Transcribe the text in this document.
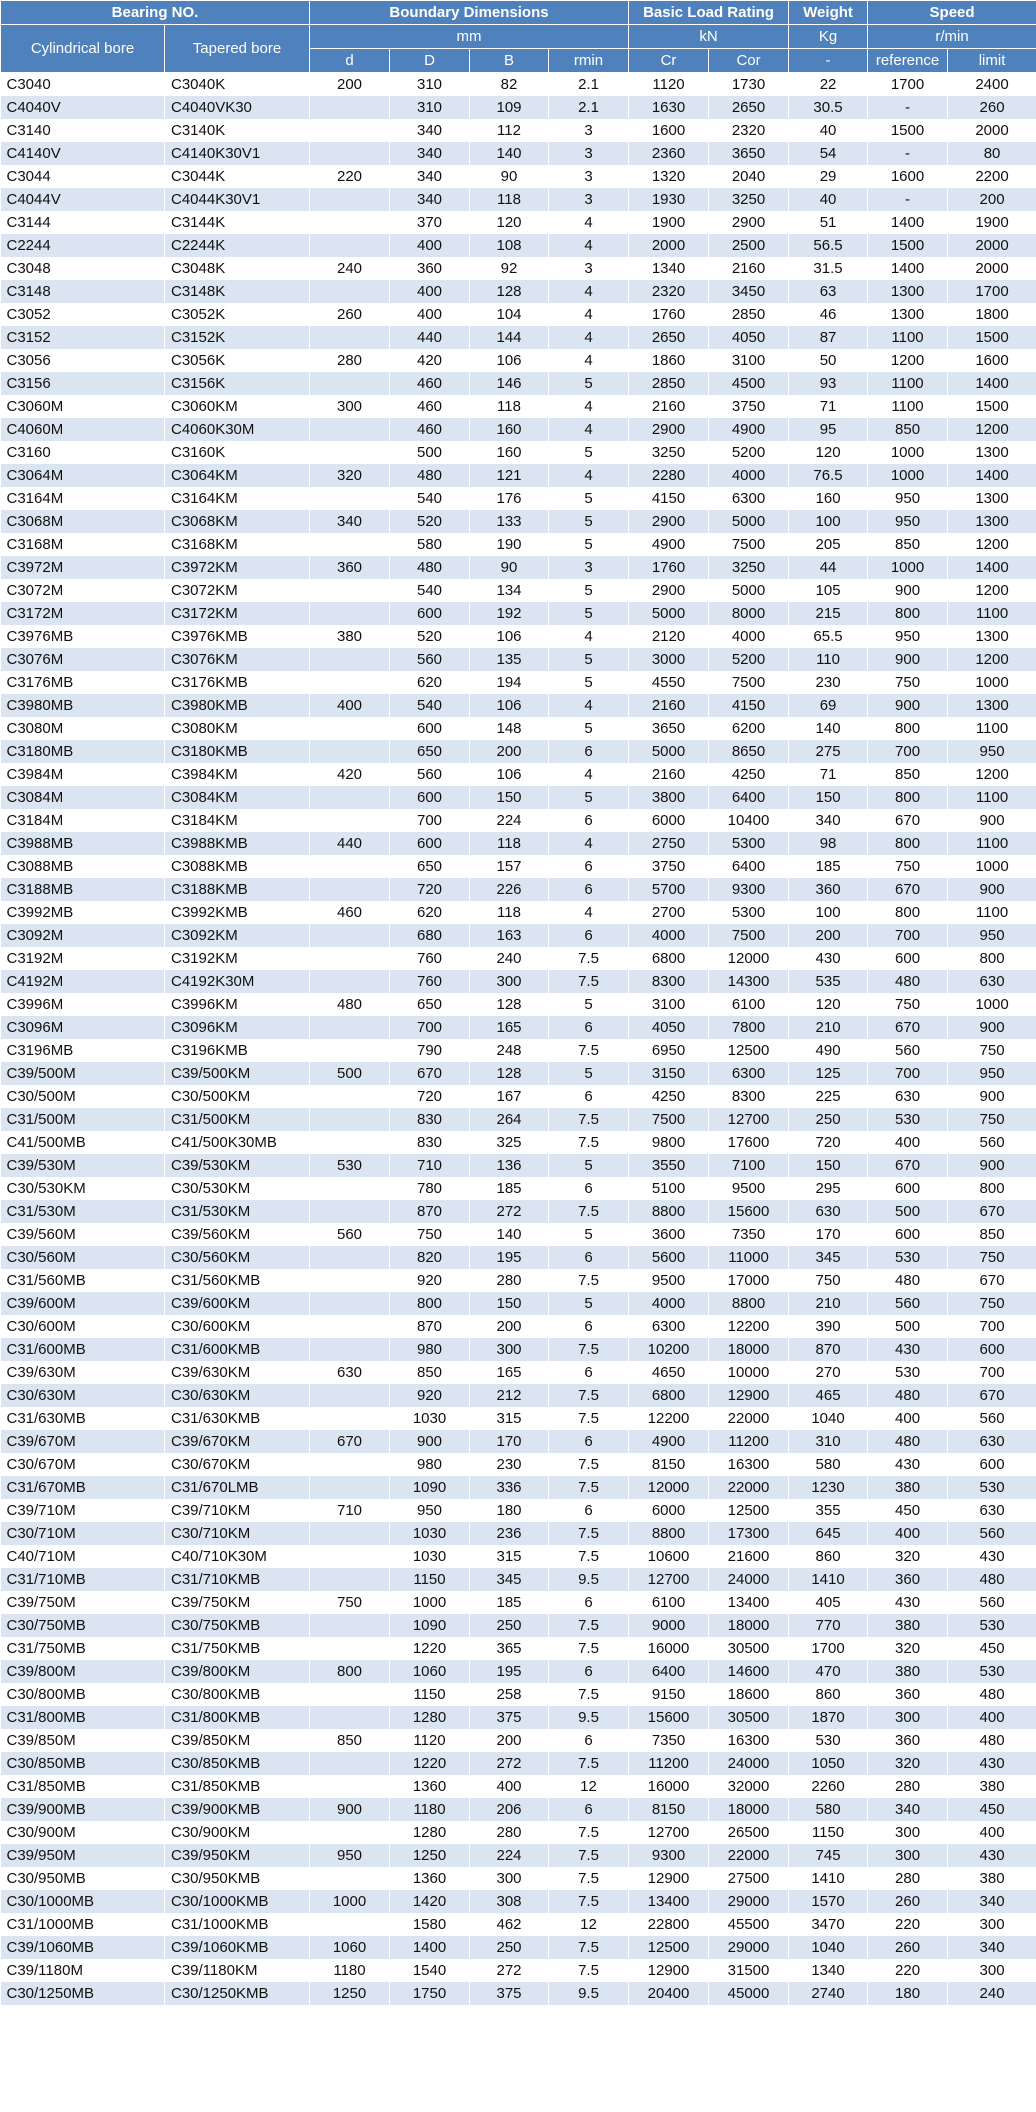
Bearing NO.		Boundary Dimensions				Basic Load Rating		Weight	Speed	
Cylindrical bore	Tapered bore	mm				kN		Kg	r/min	
		d	D	B	rmin	Cr	Cor	-	reference	limit
C3040	C3040K	200	310	82	2.1	1120	1730	22	1700	2400
C4040V	C4040VK30		310	109	2.1	1630	2650	30.5	-	260
C3140	C3140K		340	112	3	1600	2320	40	1500	2000
C4140V	C4140K30V1		340	140	3	2360	3650	54	-	80
C3044	C3044K	220	340	90	3	1320	2040	29	1600	2200
C4044V	C4044K30V1		340	118	3	1930	3250	40	-	200
C3144	C3144K		370	120	4	1900	2900	51	1400	1900
C2244	C2244K		400	108	4	2000	2500	56.5	1500	2000
C3048	C3048K	240	360	92	3	1340	2160	31.5	1400	2000
C3148	C3148K		400	128	4	2320	3450	63	1300	1700
C3052	C3052K	260	400	104	4	1760	2850	46	1300	1800
C3152	C3152K		440	144	4	2650	4050	87	1100	1500
C3056	C3056K	280	420	106	4	1860	3100	50	1200	1600
C3156	C3156K		460	146	5	2850	4500	93	1100	1400
C3060M	C3060KM	300	460	118	4	2160	3750	71	1100	1500
C4060M	C4060K30M		460	160	4	2900	4900	95	850	1200
C3160	C3160K		500	160	5	3250	5200	120	1000	1300
C3064M	C3064KM	320	480	121	4	2280	4000	76.5	1000	1400
C3164M	C3164KM		540	176	5	4150	6300	160	950	1300
C3068M	C3068KM	340	520	133	5	2900	5000	100	950	1300
C3168M	C3168KM		580	190	5	4900	7500	205	850	1200
C3972M	C3972KM	360	480	90	3	1760	3250	44	1000	1400
C3072M	C3072KM		540	134	5	2900	5000	105	900	1200
C3172M	C3172KM		600	192	5	5000	8000	215	800	1100
C3976MB	C3976KMB	380	520	106	4	2120	4000	65.5	950	1300
C3076M	C3076KM		560	135	5	3000	5200	110	900	1200
C3176MB	C3176KMB		620	194	5	4550	7500	230	750	1000
C3980MB	C3980KMB	400	540	106	4	2160	4150	69	900	1300
C3080M	C3080KM		600	148	5	3650	6200	140	800	1100
C3180MB	C3180KMB		650	200	6	5000	8650	275	700	950
C3984M	C3984KM	420	560	106	4	2160	4250	71	850	1200
C3084M	C3084KM		600	150	5	3800	6400	150	800	1100
C3184M	C3184KM		700	224	6	6000	10400	340	670	900
C3988MB	C3988KMB	440	600	118	4	2750	5300	98	800	1100
C3088MB	C3088KMB		650	157	6	3750	6400	185	750	1000
C3188MB	C3188KMB		720	226	6	5700	9300	360	670	900
C3992MB	C3992KMB	460	620	118	4	2700	5300	100	800	1100
C3092M	C3092KM		680	163	6	4000	7500	200	700	950
C3192M	C3192KM		760	240	7.5	6800	12000	430	600	800
C4192M	C4192K30M		760	300	7.5	8300	14300	535	480	630
C3996M	C3996KM	480	650	128	5	3100	6100	120	750	1000
C3096M	C3096KM		700	165	6	4050	7800	210	670	900
C3196MB	C3196KMB		790	248	7.5	6950	12500	490	560	750
C39/500M	C39/500KM	500	670	128	5	3150	6300	125	700	950
C30/500M	C30/500KM		720	167	6	4250	8300	225	630	900
C31/500M	C31/500KM		830	264	7.5	7500	12700	250	530	750
C41/500MB	C41/500K30MB		830	325	7.5	9800	17600	720	400	560
C39/530M	C39/530KM	530	710	136	5	3550	7100	150	670	900
C30/530KM	C30/530KM		780	185	6	5100	9500	295	600	800
C31/530M	C31/530KM		870	272	7.5	8800	15600	630	500	670
C39/560M	C39/560KM	560	750	140	5	3600	7350	170	600	850
C30/560M	C30/560KM		820	195	6	5600	11000	345	530	750
C31/560MB	C31/560KMB		920	280	7.5	9500	17000	750	480	670
C39/600M	C39/600KM		800	150	5	4000	8800	210	560	750
C30/600M	C30/600KM		870	200	6	6300	12200	390	500	700
C31/600MB	C31/600KMB		980	300	7.5	10200	18000	870	430	600
C39/630M	C39/630KM	630	850	165	6	4650	10000	270	530	700
C30/630M	C30/630KM		920	212	7.5	6800	12900	465	480	670
C31/630MB	C31/630KMB		1030	315	7.5	12200	22000	1040	400	560
C39/670M	C39/670KM	670	900	170	6	4900	11200	310	480	630
C30/670M	C30/670KM		980	230	7.5	8150	16300	580	430	600
C31/670MB	C31/670LMB		1090	336	7.5	12000	22000	1230	380	530
C39/710M	C39/710KM	710	950	180	6	6000	12500	355	450	630
C30/710M	C30/710KM		1030	236	7.5	8800	17300	645	400	560
C40/710M	C40/710K30M		1030	315	7.5	10600	21600	860	320	430
C31/710MB	C31/710KMB		1150	345	9.5	12700	24000	1410	360	480
C39/750M	C39/750KM	750	1000	185	6	6100	13400	405	430	560
C30/750MB	C30/750KMB		1090	250	7.5	9000	18000	770	380	530
C31/750MB	C31/750KMB		1220	365	7.5	16000	30500	1700	320	450
C39/800M	C39/800KM	800	1060	195	6	6400	14600	470	380	530
C30/800MB	C30/800KMB		1150	258	7.5	9150	18600	860	360	480
C31/800MB	C31/800KMB		1280	375	9.5	15600	30500	1870	300	400
C39/850M	C39/850KM	850	1120	200	6	7350	16300	530	360	480
C30/850MB	C30/850KMB		1220	272	7.5	11200	24000	1050	320	430
C31/850MB	C31/850KMB		1360	400	12	16000	32000	2260	280	380
C39/900MB	C39/900KMB	900	1180	206	6	8150	18000	580	340	450
C30/900M	C30/900KM		1280	280	7.5	12700	26500	1150	300	400
C39/950M	C39/950KM	950	1250	224	7.5	9300	22000	745	300	430
C30/950MB	C30/950KMB		1360	300	7.5	12900	27500	1410	280	380
C30/1000MB	C30/1000KMB	1000	1420	308	7.5	13400	29000	1570	260	340
C31/1000MB	C31/1000KMB		1580	462	12	22800	45500	3470	220	300
C39/1060MB	C39/1060KMB	1060	1400	250	7.5	12500	29000	1040	260	340
C39/1180M	C39/1180KM	1180	1540	272	7.5	12900	31500	1340	220	300
C30/1250MB	C30/1250KMB	1250	1750	375	9.5	20400	45000	2740	180	240
